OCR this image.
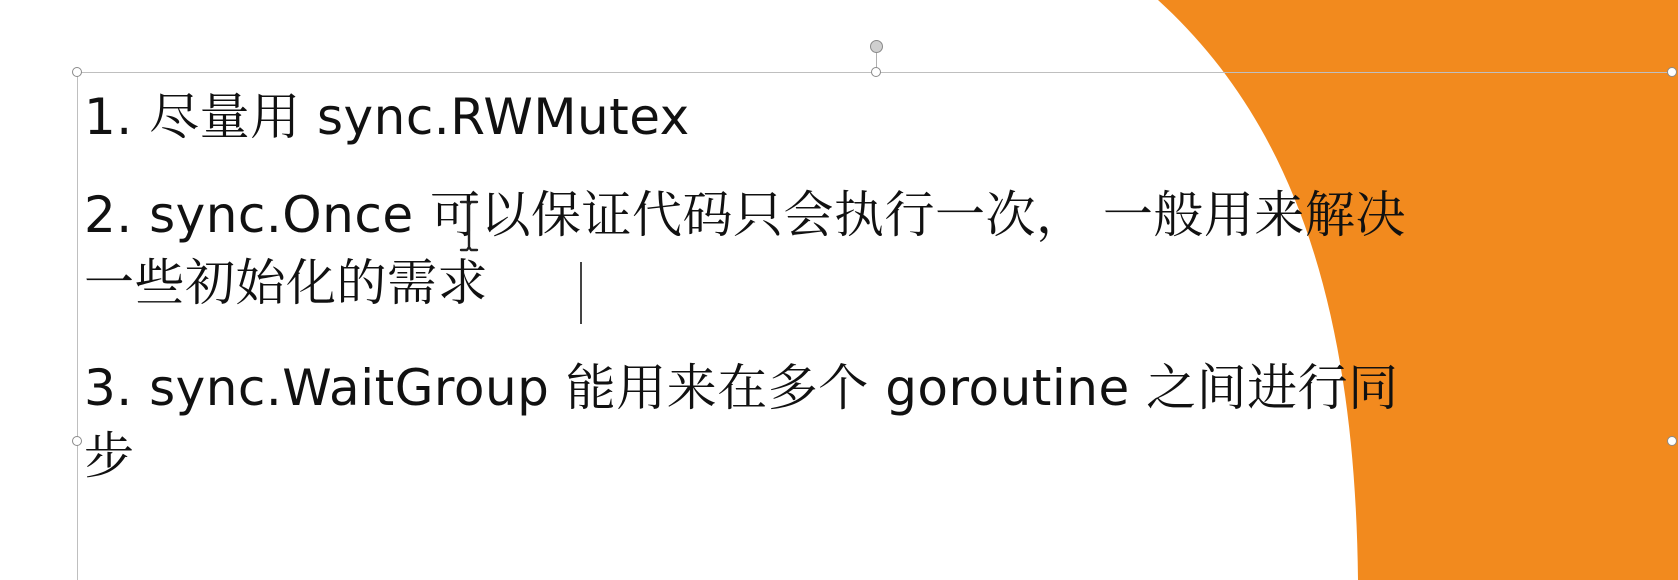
1. 尽量用 sync.RWMutex

2. sync.Once 可以保证代码只会执行一次， 一般用来解决

一些初始化的需求

3. sync.WaitGroup 能用来在多个 goroutine 之间进行同

步
